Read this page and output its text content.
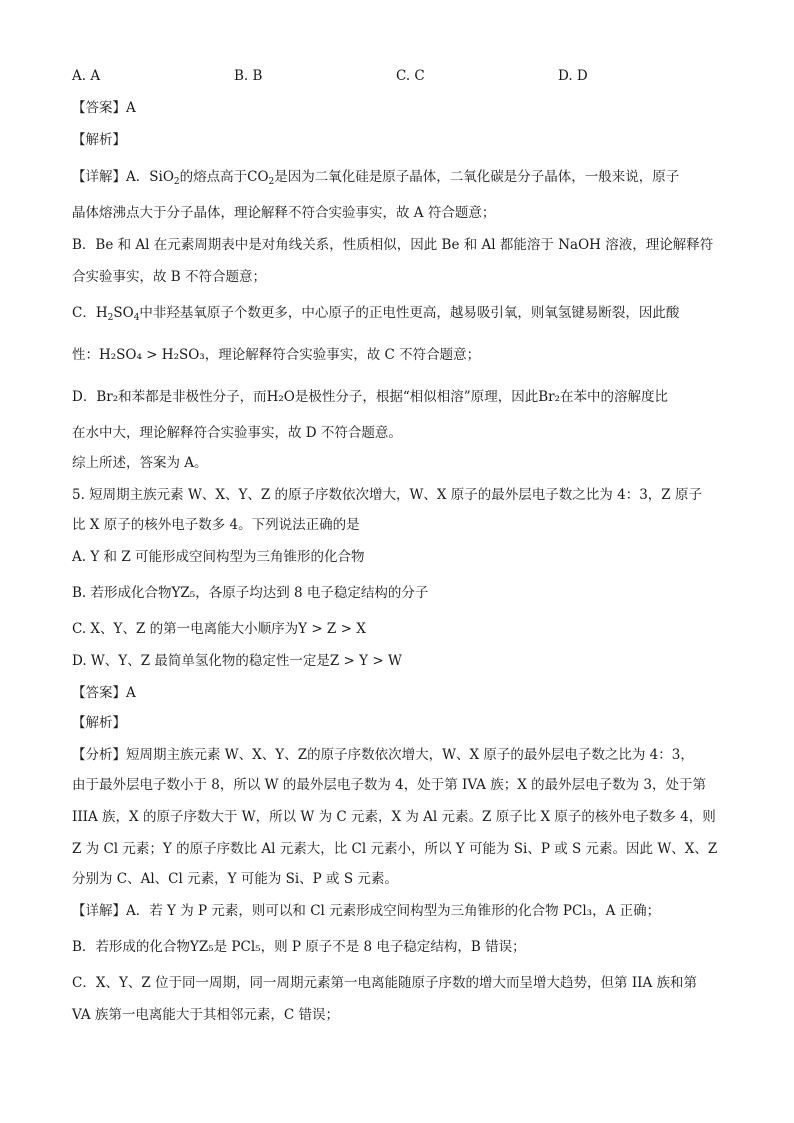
A. A	B. B	C. C	D. D
【答案】A
【解析】
【详解】A．SiO$_2$的熔点高于$CO_2$是因为二氧化硅是原子晶体，二氧化碳是分子晶体，一般来说，原子
晶体熔沸点大于分子晶体，理论解释不符合实验事实，故 A 符合题意；
B．Be 和 Al 在元素周期表中是对角线关系，性质相似，因此 Be 和 Al 都能溶于 NaOH 溶液，理论解释符
合实验事实，故 B 不符合题意；
C．$H_2SO_4$中非羟基氧原子个数更多，中心原子的正电性更高，越易吸引氧，则氧氢键易断裂，因此酸
性：H₂SO₄ > H₂SO₃，理论解释符合实验事实，故 C 不符合题意；
D．Br₂和苯都是非极性分子，而H₂O是极性分子，根据“相似相溶”原理，因此Br₂在苯中的溶解度比
在水中大，理论解释符合实验事实，故 D 不符合题意。
综上所述，答案为 A。
5. 短周期主族元素 W、X、Y、Z 的原子序数依次增大，W、X 原子的最外层电子数之比为 4：3，Z 原子
比 X 原子的核外电子数多 4。下列说法正确的是
A. Y 和 Z 可能形成空间构型为三角锥形的化合物
B. 若形成化合物YZ₅，各原子均达到 8 电子稳定结构的分子
C. X、Y、Z 的第一电离能大小顺序为Y > Z > X
D. W、Y、Z 最简单氢化物的稳定性一定是Z > Y > W
【答案】A
【解析】
【分析】短周期主族元素 W、X、Y、Z的原子序数依次增大，W、X 原子的最外层电子数之比为 4：3，
由于最外层电子数小于 8，所以 W 的最外层电子数为 4，处于第 IVA 族；X 的最外层电子数为 3，处于第
IIIA 族，X 的原子序数大于 W，所以 W 为 C 元素，X 为 Al 元素。Z 原子比 X 原子的核外电子数多 4，则
Z 为 Cl 元素；Y 的原子序数比 Al 元素大，比 Cl 元素小，所以 Y 可能为 Si、P 或 S 元素。因此 W、X、Z
分别为 C、Al、Cl 元素，Y 可能为 Si、P 或 S 元素。
【详解】A．若 Y 为 P 元素，则可以和 Cl 元素形成空间构型为三角锥形的化合物 PCl₃，A 正确；
B．若形成的化合物YZ₅是 PCl₅，则 P 原子不是 8 电子稳定结构，B 错误；
C．X、Y、Z 位于同一周期，同一周期元素第一电离能随原子序数的增大而呈增大趋势，但第 IIA 族和第
VA 族第一电离能大于其相邻元素，C 错误；
